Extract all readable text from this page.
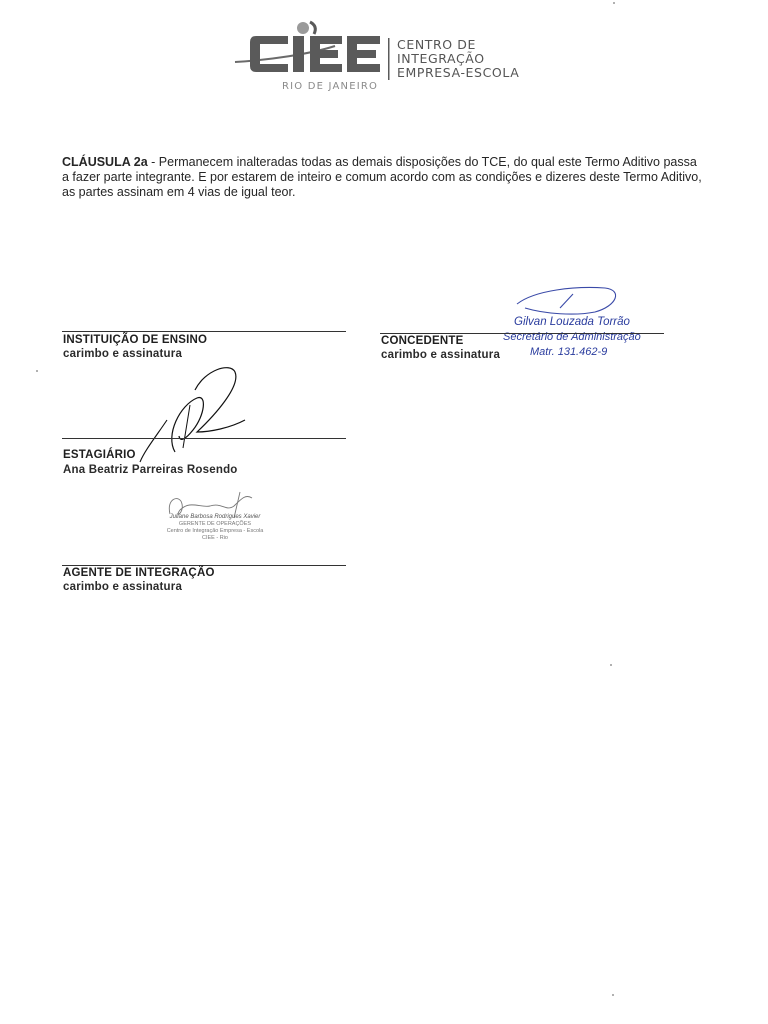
CENTRO DE
INTEGRAÇÃO
EMPRESA-ESCOLA
RIO DE JANEIRO
CLÁUSULA 2a - Permanecem inalteradas todas as demais disposições do TCE, do qual este Termo Aditivo passa a fazer parte integrante. E por estarem de inteiro e comum acordo com as condições e dizeres deste Termo Aditivo, as partes assinam em 4 vias de igual teor.
Gilvan Louzada Torrão
Secretário de Administração
Matr. 131.462-9
INSTITUIÇÃO DE ENSINO
carimbo e assinatura
CONCEDENTE
carimbo e assinatura
ESTAGIÁRIO
Ana Beatriz Parreiras Rosendo
Juliane Barbosa Rodrigues Xavier
GERENTE DE OPERAÇÕES
Centro de Integração Empresa - Escola
CIEE - Rio
AGENTE DE INTEGRAÇÃO
carimbo e assinatura
